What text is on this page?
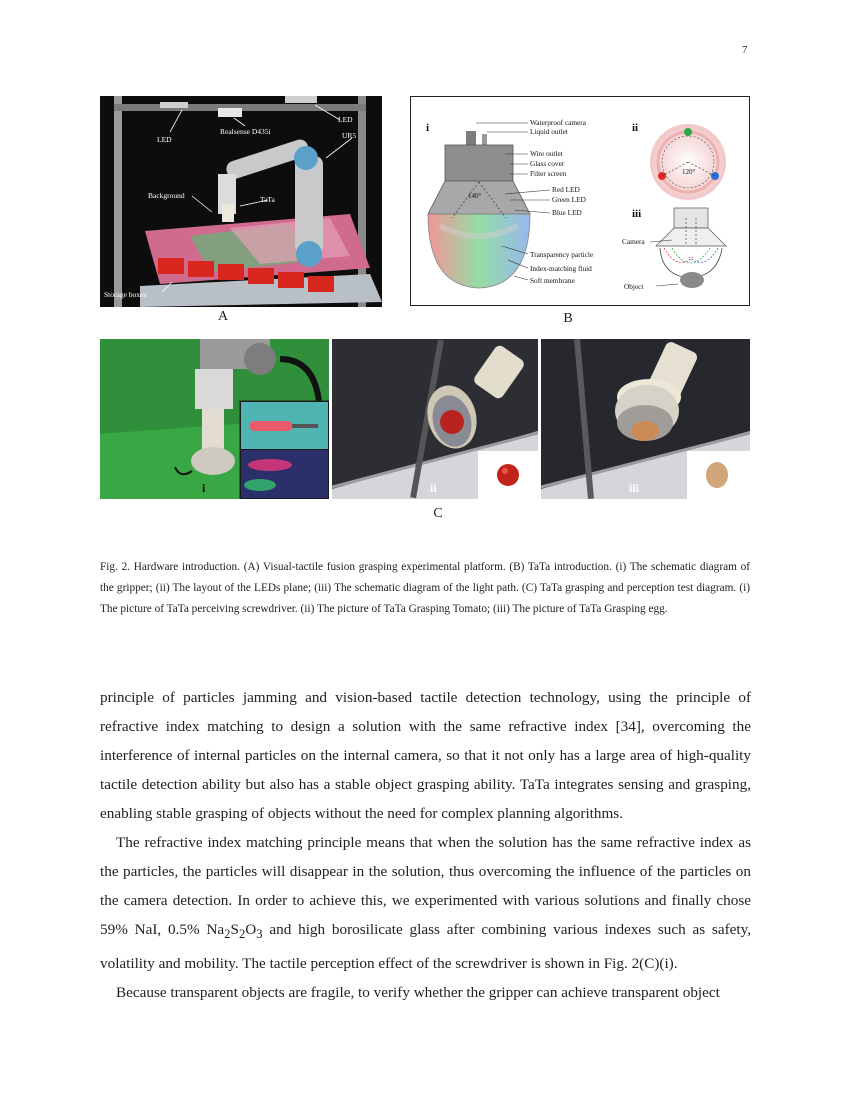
7
LED
Realsense D435i
LED
UR5
Background	TaTa
Storage boxes
A
i	ii
iii
140°
Waterproof camera
Liquid outlet
Wire outlet
Glass cover
Filter screen
Red LED
Green LED
Blue LED
Transparency particle
Index-matching fluid
Soft membrane
120°
Camera
Object
B
i	ii	iii
C

Fig. 2. Hardware introduction. (A) Visual-tactile fusion grasping experimental platform. (B) TaTa introduction. (i) The schematic diagram of the gripper; (ii) The layout of the LEDs plane; (iii) The schematic diagram of the light path. (C) TaTa grasping and perception test diagram. (i) The picture of TaTa perceiving screwdriver. (ii) The picture of TaTa Grasping Tomato; (iii) The picture of TaTa Grasping egg.

principle of particles jamming and vision-based tactile detection technology, using the principle of refractive index matching to design a solution with the same refractive index [34], overcoming the interference of internal particles on the internal camera, so that it not only has a large area of high-quality tactile detection ability but also has a stable object grasping ability. TaTa integrates sensing and grasping, enabling stable grasping of objects without the need for complex planning algorithms.

The refractive index matching principle means that when the solution has the same refractive index as the particles, the particles will disappear in the solution, thus overcoming the influence of the particles on the camera detection. In order to achieve this, we experimented with various solutions and finally chose 59% NaI, 0.5% $Na_2S_2O_3$ and high borosilicate glass after combining various indexes such as safety, volatility and mobility. The tactile perception effect of the screwdriver is shown in Fig. 2(C)(i).

Because transparent objects are fragile, to verify whether the gripper can achieve transparent object
